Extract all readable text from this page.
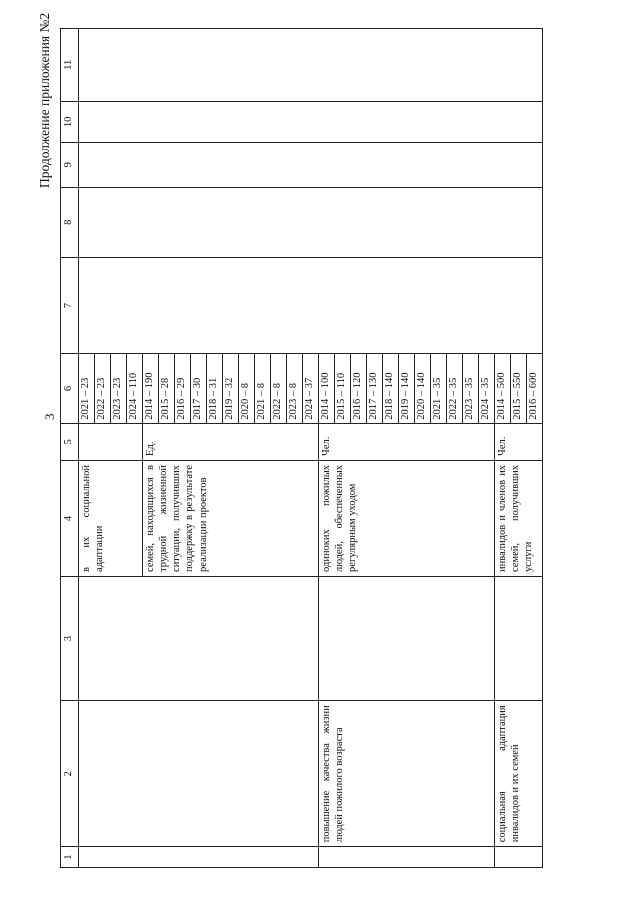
3
Продолжение приложения №2
1	2	3	4	5	6	7	8	9	10	11
			в их социальной адаптации		2021 – 23					
					2022 – 23					
					2023 – 23					
					2024 – 110					
			семей, находящихся в трудной жизненной ситуации, получивших поддержку в результате реализации проектов	Ед.	2014 – 190					
					2015 – 28					
					2016 – 29					
					2017 – 30					
					2018 – 31					
					2019 – 32					
					2020 – 8					
					2021 – 8					
					2022 – 8					
					2023 – 8					
					2024 – 37					
	повышение качества жизни людей пожилого возраста		одиноких пожилых людей, обеспеченных регулярным уходом	Чел.	2014 – 100					
					2015 – 110					
					2016 – 120					
					2017 – 130					
					2018 – 140					
					2019 – 140					
					2020 – 140					
					2021 – 35					
					2022 – 35					
					2023 – 35					
					2024 – 35					
	социальная адаптация инвалидов и их семей		инвалидов и членов их семей, получивших услуги	Чел.	2014 – 500					
					2015 – 550					
					2016 – 600					
